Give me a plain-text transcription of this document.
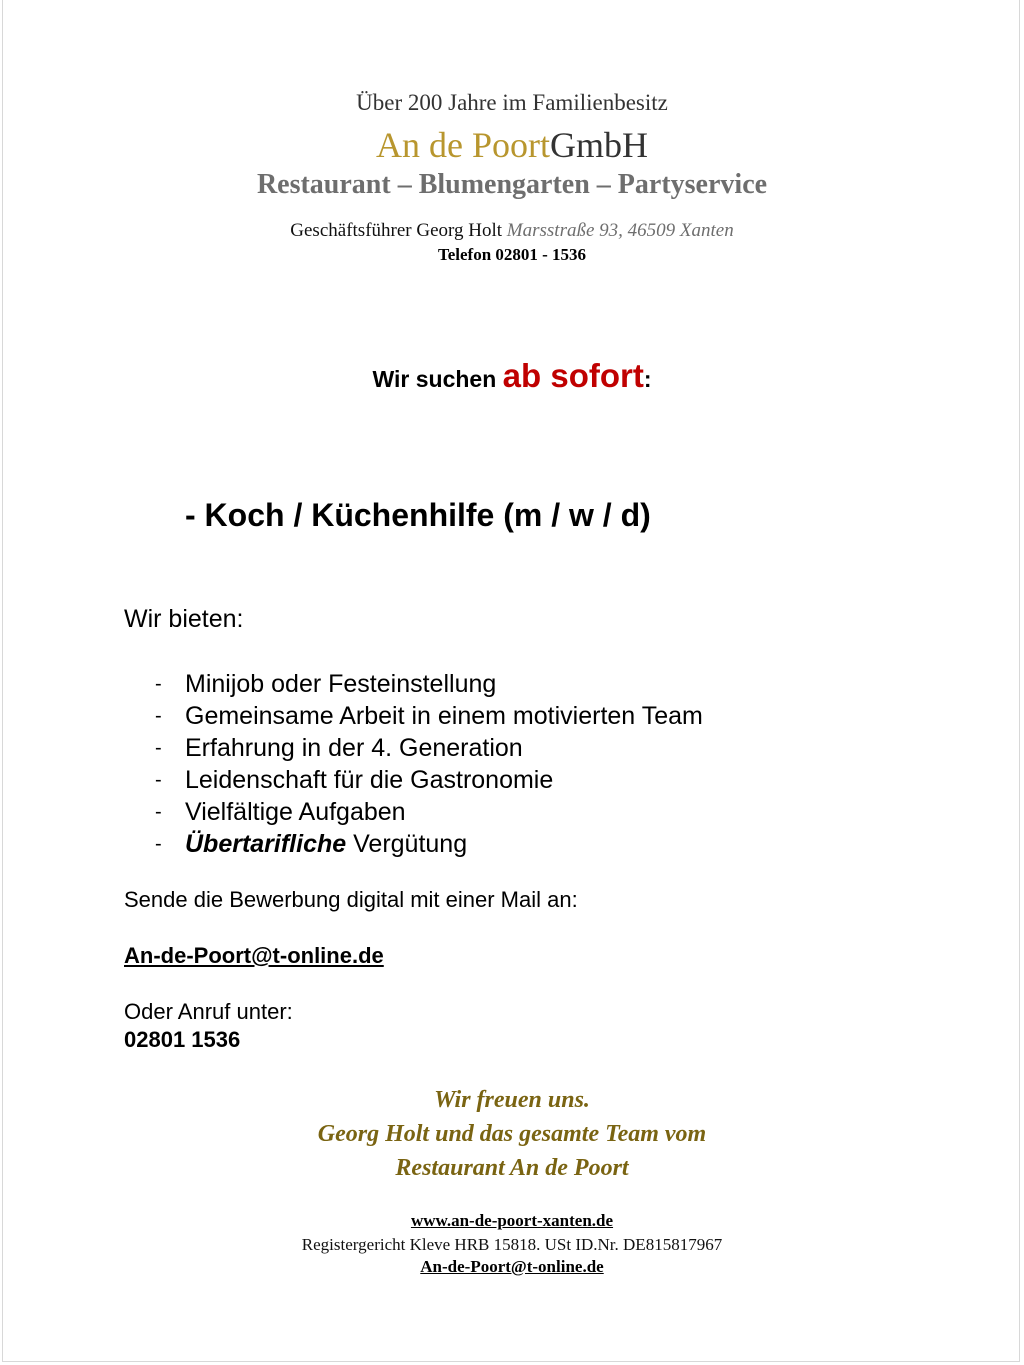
Über 200 Jahre im Familienbesitz
An de PoortGmbH
Restaurant – Blumengarten – Partyservice
Geschäftsführer Georg Holt Marsstraße 93, 46509 Xanten
Telefon 02801 - 1536
Wir suchen ab sofort:
- Koch / Küchenhilfe (m / w / d)
Wir bieten:
- Minijob oder Festeinstellung
- Gemeinsame Arbeit in einem motivierten Team
- Erfahrung in der 4. Generation
- Leidenschaft für die Gastronomie
- Vielfältige Aufgaben
- Übertarifliche Vergütung
Sende die Bewerbung digital mit einer Mail an:
An-de-Poort@t-online.de
Oder Anruf unter:
02801 1536
Wir freuen uns.
Georg Holt und das gesamte Team vom
Restaurant An de Poort
www.an-de-poort-xanten.de
Registergericht Kleve HRB 15818. USt ID.Nr. DE815817967
An-de-Poort@t-online.de
